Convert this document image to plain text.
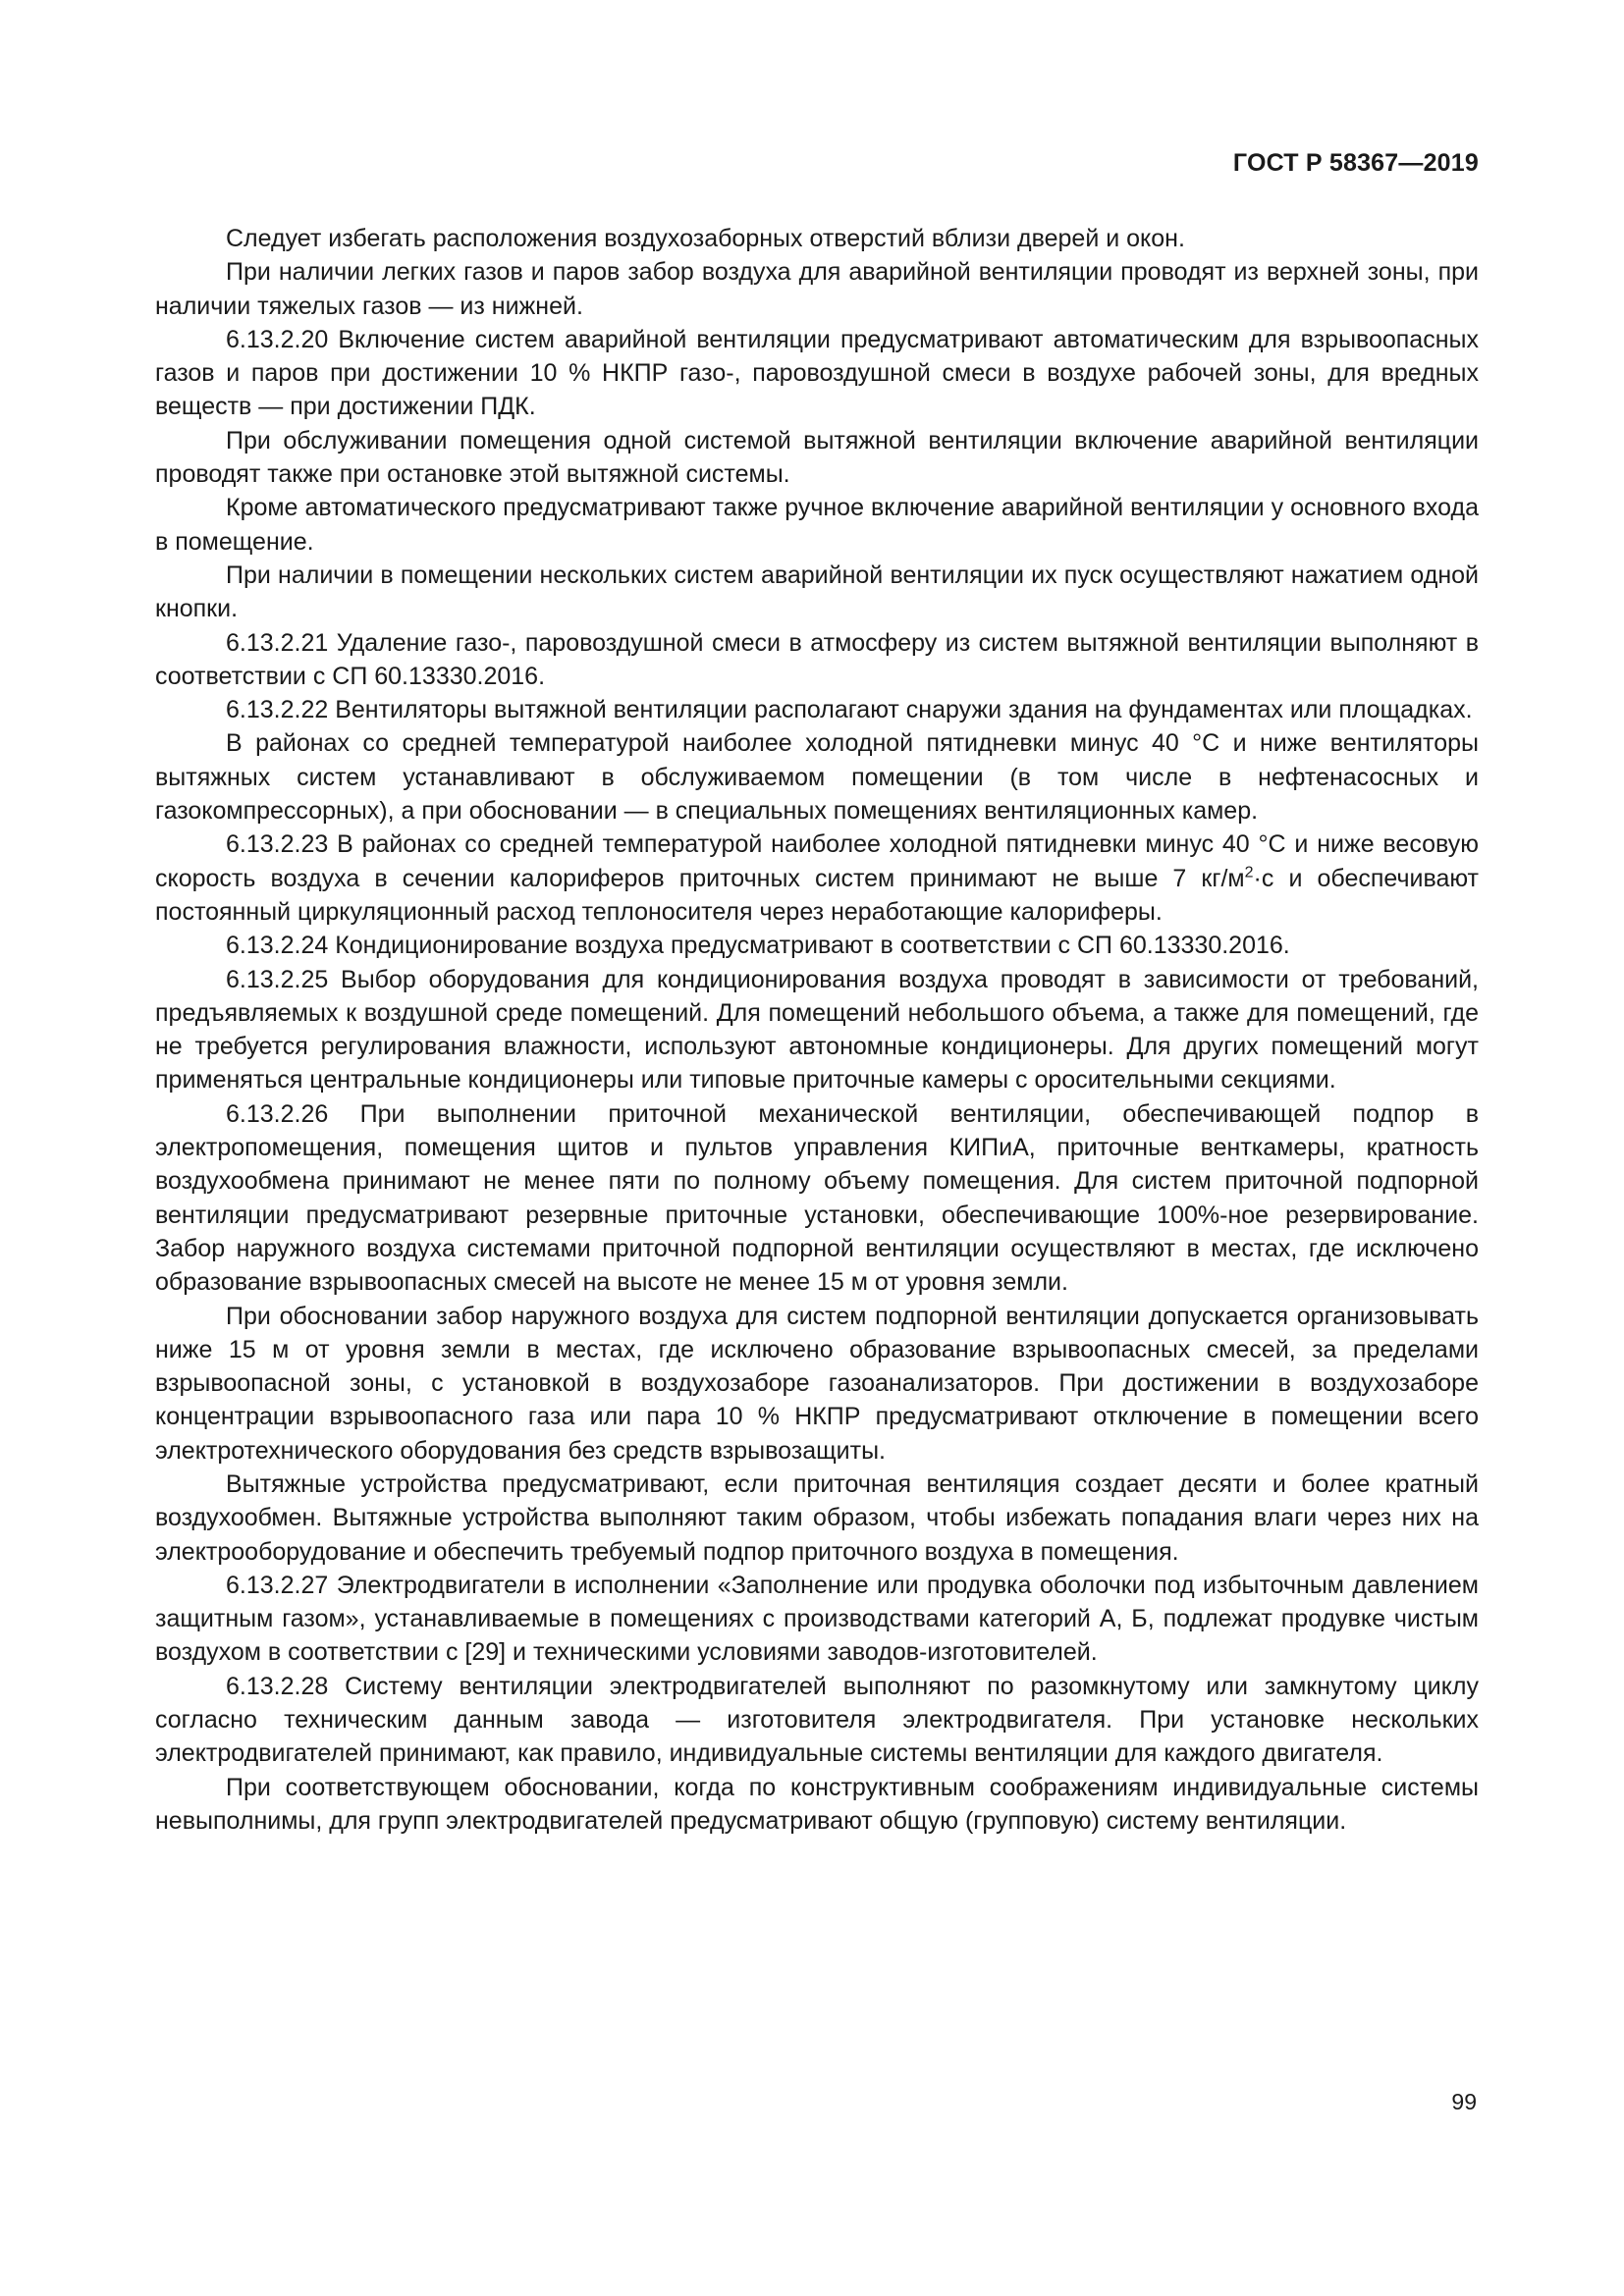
ГОСТ Р 58367—2019

Следует избегать расположения воздухозаборных отверстий вблизи дверей и окон.

При наличии легких газов и паров забор воздуха для аварийной вентиляции проводят из верхней зоны, при наличии тяжелых газов — из нижней.

6.13.2.20 Включение систем аварийной вентиляции предусматривают автоматическим для взрывоопасных газов и паров при достижении 10 % НКПР газо-, паровоздушной смеси в воздухе рабочей зоны, для вредных веществ — при достижении ПДК.

При обслуживании помещения одной системой вытяжной вентиляции включение аварийной вентиляции проводят также при остановке этой вытяжной системы.

Кроме автоматического предусматривают также ручное включение аварийной вентиляции у основного входа в помещение.

При наличии в помещении нескольких систем аварийной вентиляции их пуск осуществляют нажатием одной кнопки.

6.13.2.21 Удаление газо-, паровоздушной смеси в атмосферу из систем вытяжной вентиляции выполняют в соответствии с СП 60.13330.2016.

6.13.2.22 Вентиляторы вытяжной вентиляции располагают снаружи здания на фундаментах или площадках.

В районах со средней температурой наиболее холодной пятидневки минус 40 °С и ниже вентиляторы вытяжных систем устанавливают в обслуживаемом помещении (в том числе в нефтенасосных и газокомпрессорных), а при обосновании — в специальных помещениях вентиляционных камер.

6.13.2.23 В районах со средней температурой наиболее холодной пятидневки минус 40 °С и ниже весовую скорость воздуха в сечении калориферов приточных систем принимают не выше 7 $кг/м^2\cdot с$ и обеспечивают постоянный циркуляционный расход теплоносителя через неработающие калориферы.

6.13.2.24 Кондиционирование воздуха предусматривают в соответствии с СП 60.13330.2016.

6.13.2.25 Выбор оборудования для кондиционирования воздуха проводят в зависимости от требований, предъявляемых к воздушной среде помещений. Для помещений небольшого объема, а также для помещений, где не требуется регулирования влажности, используют автономные кондиционеры. Для других помещений могут применяться центральные кондиционеры или типовые приточные камеры с оросительными секциями.

6.13.2.26 При выполнении приточной механической вентиляции, обеспечивающей подпор в электропомещения, помещения щитов и пультов управления КИПиА, приточные венткамеры, кратность воздухообмена принимают не менее пяти по полному объему помещения. Для систем приточной подпорной вентиляции предусматривают резервные приточные установки, обеспечивающие 100%-ное резервирование. Забор наружного воздуха системами приточной подпорной вентиляции осуществляют в местах, где исключено образование взрывоопасных смесей на высоте не менее 15 м от уровня земли.

При обосновании забор наружного воздуха для систем подпорной вентиляции допускается организовывать ниже 15 м от уровня земли в местах, где исключено образование взрывоопасных смесей, за пределами взрывоопасной зоны, с установкой в воздухозаборе газоанализаторов. При достижении в воздухозаборе концентрации взрывоопасного газа или пара 10 % НКПР предусматривают отключение в помещении всего электротехнического оборудования без средств взрывозащиты.

Вытяжные устройства предусматривают, если приточная вентиляция создает десяти и более кратный воздухообмен. Вытяжные устройства выполняют таким образом, чтобы избежать попадания влаги через них на электрооборудование и обеспечить требуемый подпор приточного воздуха в помещения.

6.13.2.27 Электродвигатели в исполнении «Заполнение или продувка оболочки под избыточным давлением защитным газом», устанавливаемые в помещениях с производствами категорий А, Б, подлежат продувке чистым воздухом в соответствии с [29] и техническими условиями заводов-изготовителей.

6.13.2.28 Систему вентиляции электродвигателей выполняют по разомкнутому или замкнутому циклу согласно техническим данным завода — изготовителя электродвигателя. При установке нескольких электродвигателей принимают, как правило, индивидуальные системы вентиляции для каждого двигателя.

При соответствующем обосновании, когда по конструктивным соображениям индивидуальные системы невыполнимы, для групп электродвигателей предусматривают общую (групповую) систему вентиляции.

99
